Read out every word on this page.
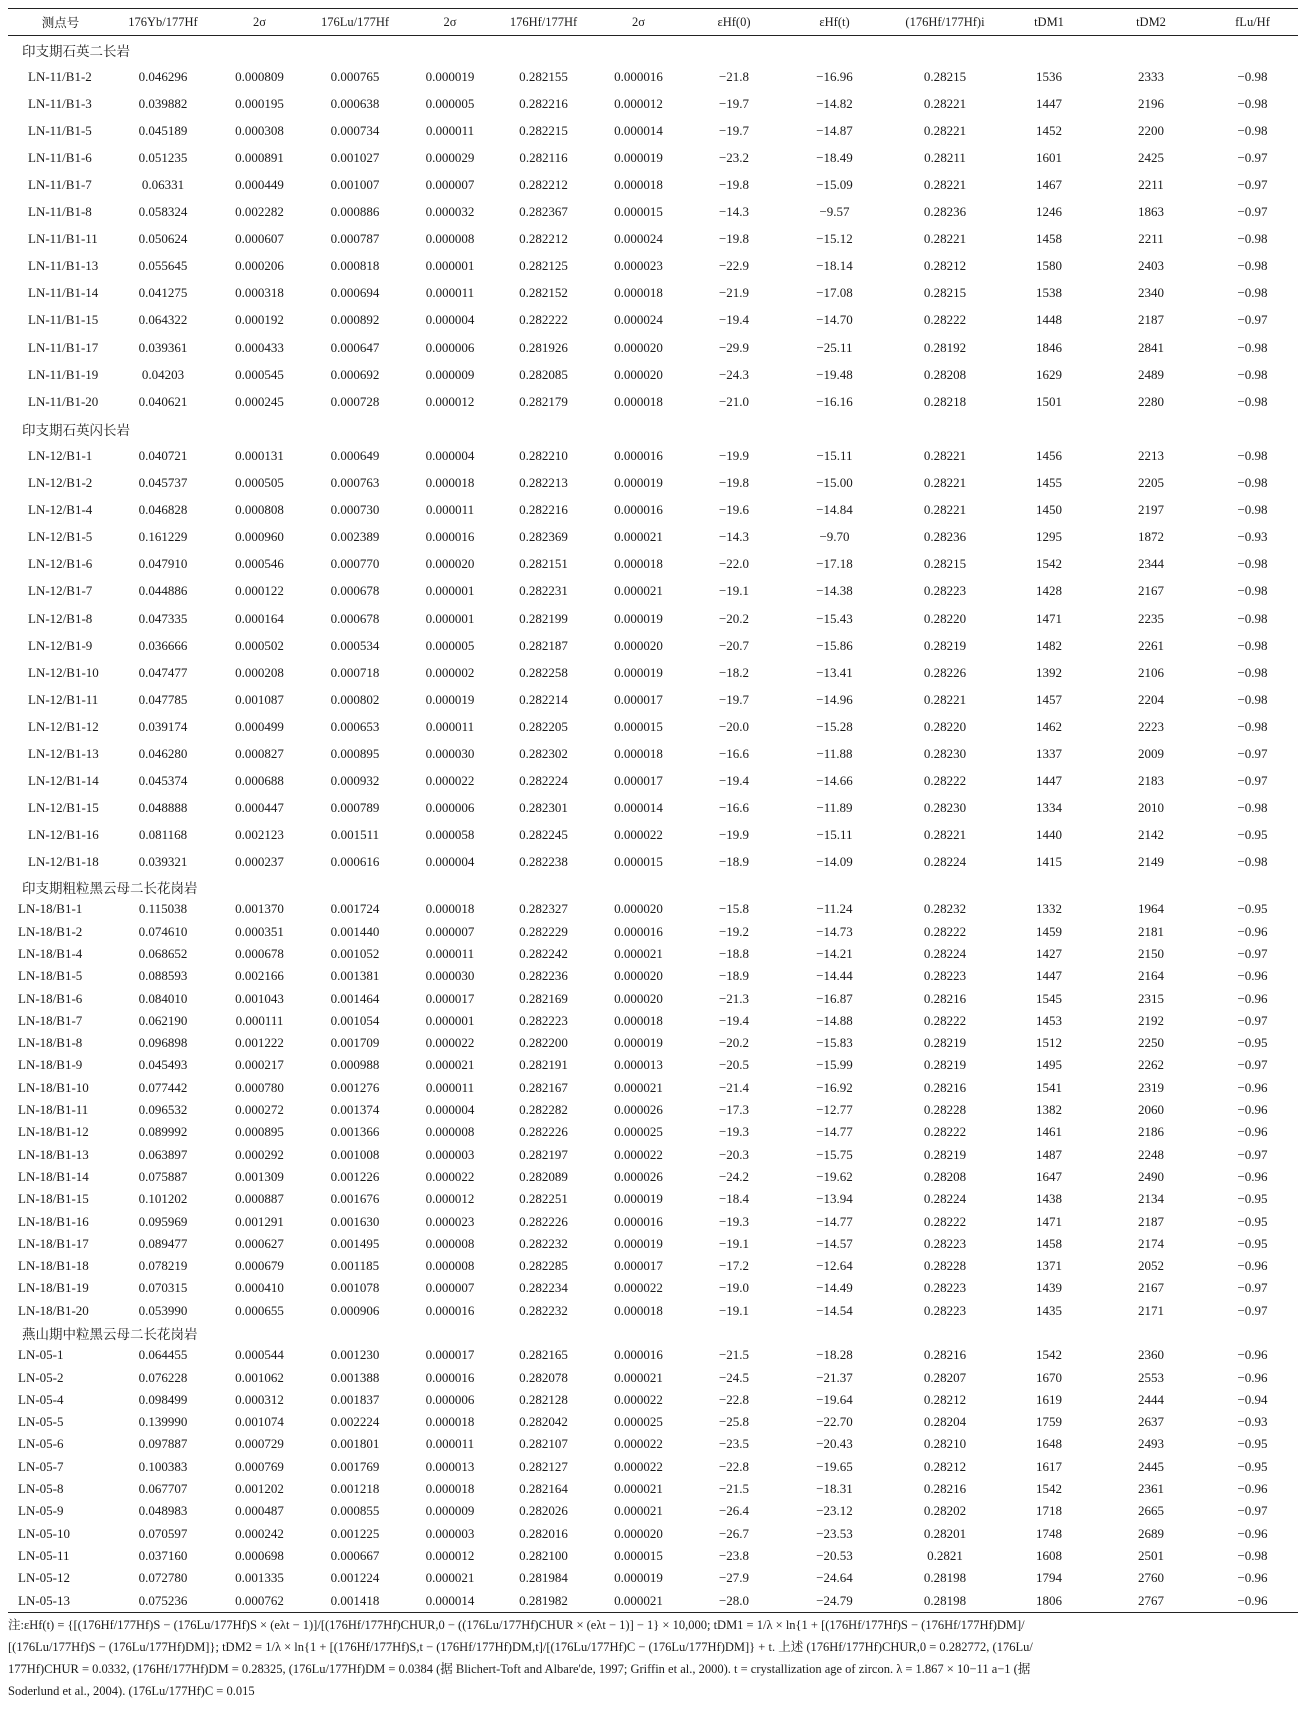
测点号	176Yb/177Hf	2σ	176Lu/177Hf	2σ	176Hf/177Hf	2σ	εHf(0)	εHf(t)	(176Hf/177Hf)i	tDM1	tDM2	fLu/Hf
印支期石英二长岩												
LN-11/B1-2	0.046296	0.000809	0.000765	0.000019	0.282155	0.000016	−21.8	−16.96	0.28215	1536	2333	−0.98
LN-11/B1-3	0.039882	0.000195	0.000638	0.000005	0.282216	0.000012	−19.7	−14.82	0.28221	1447	2196	−0.98
LN-11/B1-5	0.045189	0.000308	0.000734	0.000011	0.282215	0.000014	−19.7	−14.87	0.28221	1452	2200	−0.98
LN-11/B1-6	0.051235	0.000891	0.001027	0.000029	0.282116	0.000019	−23.2	−18.49	0.28211	1601	2425	−0.97
LN-11/B1-7	0.06331	0.000449	0.001007	0.000007	0.282212	0.000018	−19.8	−15.09	0.28221	1467	2211	−0.97
LN-11/B1-8	0.058324	0.002282	0.000886	0.000032	0.282367	0.000015	−14.3	−9.57	0.28236	1246	1863	−0.97
LN-11/B1-11	0.050624	0.000607	0.000787	0.000008	0.282212	0.000024	−19.8	−15.12	0.28221	1458	2211	−0.98
LN-11/B1-13	0.055645	0.000206	0.000818	0.000001	0.282125	0.000023	−22.9	−18.14	0.28212	1580	2403	−0.98
LN-11/B1-14	0.041275	0.000318	0.000694	0.000011	0.282152	0.000018	−21.9	−17.08	0.28215	1538	2340	−0.98
LN-11/B1-15	0.064322	0.000192	0.000892	0.000004	0.282222	0.000024	−19.4	−14.70	0.28222	1448	2187	−0.97
LN-11/B1-17	0.039361	0.000433	0.000647	0.000006	0.281926	0.000020	−29.9	−25.11	0.28192	1846	2841	−0.98
LN-11/B1-19	0.04203	0.000545	0.000692	0.000009	0.282085	0.000020	−24.3	−19.48	0.28208	1629	2489	−0.98
LN-11/B1-20	0.040621	0.000245	0.000728	0.000012	0.282179	0.000018	−21.0	−16.16	0.28218	1501	2280	−0.98
印支期石英闪长岩												
LN-12/B1-1	0.040721	0.000131	0.000649	0.000004	0.282210	0.000016	−19.9	−15.11	0.28221	1456	2213	−0.98
LN-12/B1-2	0.045737	0.000505	0.000763	0.000018	0.282213	0.000019	−19.8	−15.00	0.28221	1455	2205	−0.98
LN-12/B1-4	0.046828	0.000808	0.000730	0.000011	0.282216	0.000016	−19.6	−14.84	0.28221	1450	2197	−0.98
LN-12/B1-5	0.161229	0.000960	0.002389	0.000016	0.282369	0.000021	−14.3	−9.70	0.28236	1295	1872	−0.93
LN-12/B1-6	0.047910	0.000546	0.000770	0.000020	0.282151	0.000018	−22.0	−17.18	0.28215	1542	2344	−0.98
LN-12/B1-7	0.044886	0.000122	0.000678	0.000001	0.282231	0.000021	−19.1	−14.38	0.28223	1428	2167	−0.98
LN-12/B1-8	0.047335	0.000164	0.000678	0.000001	0.282199	0.000019	−20.2	−15.43	0.28220	1471	2235	−0.98
LN-12/B1-9	0.036666	0.000502	0.000534	0.000005	0.282187	0.000020	−20.7	−15.86	0.28219	1482	2261	−0.98
LN-12/B1-10	0.047477	0.000208	0.000718	0.000002	0.282258	0.000019	−18.2	−13.41	0.28226	1392	2106	−0.98
LN-12/B1-11	0.047785	0.001087	0.000802	0.000019	0.282214	0.000017	−19.7	−14.96	0.28221	1457	2204	−0.98
LN-12/B1-12	0.039174	0.000499	0.000653	0.000011	0.282205	0.000015	−20.0	−15.28	0.28220	1462	2223	−0.98
LN-12/B1-13	0.046280	0.000827	0.000895	0.000030	0.282302	0.000018	−16.6	−11.88	0.28230	1337	2009	−0.97
LN-12/B1-14	0.045374	0.000688	0.000932	0.000022	0.282224	0.000017	−19.4	−14.66	0.28222	1447	2183	−0.97
LN-12/B1-15	0.048888	0.000447	0.000789	0.000006	0.282301	0.000014	−16.6	−11.89	0.28230	1334	2010	−0.98
LN-12/B1-16	0.081168	0.002123	0.001511	0.000058	0.282245	0.000022	−19.9	−15.11	0.28221	1440	2142	−0.95
LN-12/B1-18	0.039321	0.000237	0.000616	0.000004	0.282238	0.000015	−18.9	−14.09	0.28224	1415	2149	−0.98
印支期粗粒黑云母二长花岗岩												
LN-18/B1-1	0.115038	0.001370	0.001724	0.000018	0.282327	0.000020	−15.8	−11.24	0.28232	1332	1964	−0.95
LN-18/B1-2	0.074610	0.000351	0.001440	0.000007	0.282229	0.000016	−19.2	−14.73	0.28222	1459	2181	−0.96
LN-18/B1-4	0.068652	0.000678	0.001052	0.000011	0.282242	0.000021	−18.8	−14.21	0.28224	1427	2150	−0.97
LN-18/B1-5	0.088593	0.002166	0.001381	0.000030	0.282236	0.000020	−18.9	−14.44	0.28223	1447	2164	−0.96
LN-18/B1-6	0.084010	0.001043	0.001464	0.000017	0.282169	0.000020	−21.3	−16.87	0.28216	1545	2315	−0.96
LN-18/B1-7	0.062190	0.000111	0.001054	0.000001	0.282223	0.000018	−19.4	−14.88	0.28222	1453	2192	−0.97
LN-18/B1-8	0.096898	0.001222	0.001709	0.000022	0.282200	0.000019	−20.2	−15.83	0.28219	1512	2250	−0.95
LN-18/B1-9	0.045493	0.000217	0.000988	0.000021	0.282191	0.000013	−20.5	−15.99	0.28219	1495	2262	−0.97
LN-18/B1-10	0.077442	0.000780	0.001276	0.000011	0.282167	0.000021	−21.4	−16.92	0.28216	1541	2319	−0.96
LN-18/B1-11	0.096532	0.000272	0.001374	0.000004	0.282282	0.000026	−17.3	−12.77	0.28228	1382	2060	−0.96
LN-18/B1-12	0.089992	0.000895	0.001366	0.000008	0.282226	0.000025	−19.3	−14.77	0.28222	1461	2186	−0.96
LN-18/B1-13	0.063897	0.000292	0.001008	0.000003	0.282197	0.000022	−20.3	−15.75	0.28219	1487	2248	−0.97
LN-18/B1-14	0.075887	0.001309	0.001226	0.000022	0.282089	0.000026	−24.2	−19.62	0.28208	1647	2490	−0.96
LN-18/B1-15	0.101202	0.000887	0.001676	0.000012	0.282251	0.000019	−18.4	−13.94	0.28224	1438	2134	−0.95
LN-18/B1-16	0.095969	0.001291	0.001630	0.000023	0.282226	0.000016	−19.3	−14.77	0.28222	1471	2187	−0.95
LN-18/B1-17	0.089477	0.000627	0.001495	0.000008	0.282232	0.000019	−19.1	−14.57	0.28223	1458	2174	−0.95
LN-18/B1-18	0.078219	0.000679	0.001185	0.000008	0.282285	0.000017	−17.2	−12.64	0.28228	1371	2052	−0.96
LN-18/B1-19	0.070315	0.000410	0.001078	0.000007	0.282234	0.000022	−19.0	−14.49	0.28223	1439	2167	−0.97
LN-18/B1-20	0.053990	0.000655	0.000906	0.000016	0.282232	0.000018	−19.1	−14.54	0.28223	1435	2171	−0.97
燕山期中粒黑云母二长花岗岩												
LN-05-1	0.064455	0.000544	0.001230	0.000017	0.282165	0.000016	−21.5	−18.28	0.28216	1542	2360	−0.96
LN-05-2	0.076228	0.001062	0.001388	0.000016	0.282078	0.000021	−24.5	−21.37	0.28207	1670	2553	−0.96
LN-05-4	0.098499	0.000312	0.001837	0.000006	0.282128	0.000022	−22.8	−19.64	0.28212	1619	2444	−0.94
LN-05-5	0.139990	0.001074	0.002224	0.000018	0.282042	0.000025	−25.8	−22.70	0.28204	1759	2637	−0.93
LN-05-6	0.097887	0.000729	0.001801	0.000011	0.282107	0.000022	−23.5	−20.43	0.28210	1648	2493	−0.95
LN-05-7	0.100383	0.000769	0.001769	0.000013	0.282127	0.000022	−22.8	−19.65	0.28212	1617	2445	−0.95
LN-05-8	0.067707	0.001202	0.001218	0.000018	0.282164	0.000021	−21.5	−18.31	0.28216	1542	2361	−0.96
LN-05-9	0.048983	0.000487	0.000855	0.000009	0.282026	0.000021	−26.4	−23.12	0.28202	1718	2665	−0.97
LN-05-10	0.070597	0.000242	0.001225	0.000003	0.282016	0.000020	−26.7	−23.53	0.28201	1748	2689	−0.96
LN-05-11	0.037160	0.000698	0.000667	0.000012	0.282100	0.000015	−23.8	−20.53	0.2821	1608	2501	−0.98
LN-05-12	0.072780	0.001335	0.001224	0.000021	0.281984	0.000019	−27.9	−24.64	0.28198	1794	2760	−0.96
LN-05-13	0.075236	0.000762	0.001418	0.000014	0.281982	0.000021	−28.0	−24.79	0.28198	1806	2767	−0.96

注:εHf(t) = {[(176Hf/177Hf)S − (176Lu/177Hf)S × (eλt − 1)]/[(176Hf/177Hf)CHUR,0 − ((176Lu/177Hf)CHUR × (eλt − 1)] − 1} × 10,000; tDM1 = 1/λ × ln{1 + [(176Hf/177Hf)S − (176Hf/177Hf)DM]/

[(176Lu/177Hf)S − (176Lu/177Hf)DM]}; tDM2 = 1/λ × ln{1 + [(176Hf/177Hf)S,t − (176Hf/177Hf)DM,t]/[(176Lu/177Hf)C − (176Lu/177Hf)DM]} + t. 上述 (176Hf/177Hf)CHUR,0 = 0.282772, (176Lu/

177Hf)CHUR = 0.0332, (176Hf/177Hf)DM = 0.28325, (176Lu/177Hf)DM = 0.0384 (据 Blichert-Toft and Albare'de, 1997; Griffin et al., 2000). t = crystallization age of zircon. λ = 1.867 × 10−11 a−1 (据

Soderlund et al., 2004). (176Lu/177Hf)C = 0.015
